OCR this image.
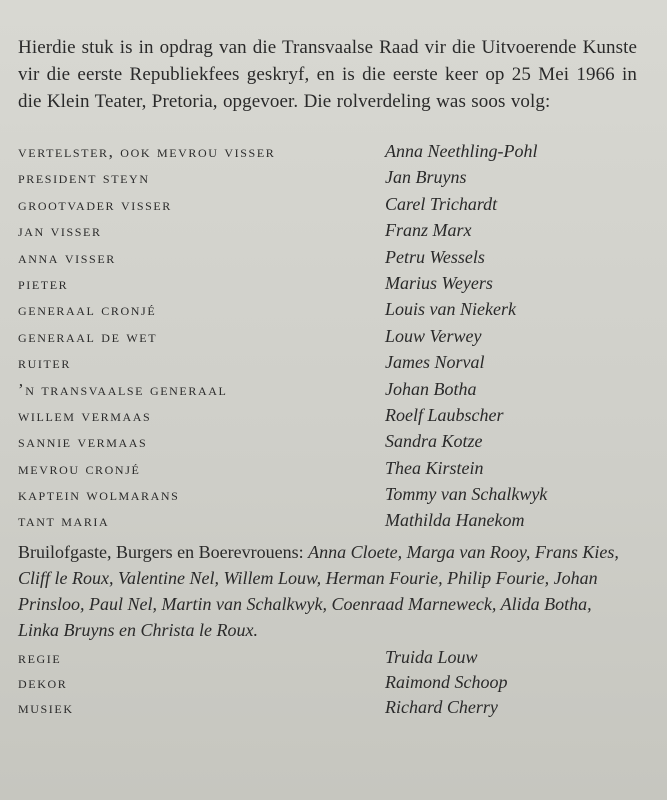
Hierdie stuk is in opdrag van die Transvaalse Raad vir die Uitvoerende Kunste vir die eerste Republiekfees geskryf, en is die eerste keer op 25 Mei 1966 in die Klein Teater, Pretoria, opgevoer. Die rolverdeling was soos volg:

vertelster, ook mevrou visser	Anna Neethling-Pohl
president steyn	Jan Bruyns
grootvader visser	Carel Trichardt
jan visser	Franz Marx
anna visser	Petru Wessels
pieter	Marius Weyers
generaal cronjé	Louis van Niekerk
generaal de wet	Louw Verwey
ruiter	James Norval
’n transvaalse generaal	Johan Botha
willem vermaas	Roelf Laubscher
sannie vermaas	Sandra Kotze
mevrou cronjé	Thea Kirstein
kaptein wolmarans	Tommy van Schalkwyk
tant maria	Mathilda Hanekom

Bruilofgaste, Burgers en Boerevrouens: Anna Cloete, Marga van Rooy, Frans Kies, Cliff le Roux, Valentine Nel, Willem Louw, Herman Fourie, Philip Fourie, Johan Prinsloo, Paul Nel, Martin van Schalkwyk, Coenraad Marneweck, Alida Botha, Linka Bruyns en Christa le Roux.

regie	Truida Louw
dekor	Raimond Schoop
musiek	Richard Cherry
